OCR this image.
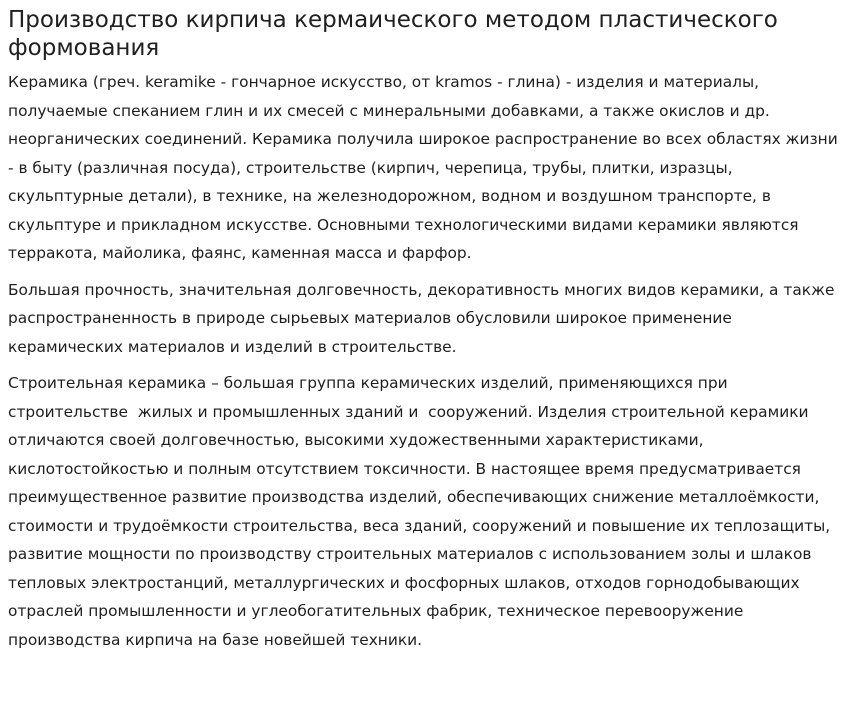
Производство кирпича кермаического методом пластического формования

Керамика (греч. keramike - гончарное искусство, от kramos - глина) - изделия и материалы, получаемые спеканием глин и их смесей с минеральными добавками, а также окислов и др. неорганических соединений. Керамика получила широкое распространение во всех областях жизни - в быту (различная посуда), строительстве (кирпич, черепица, трубы, плитки, изразцы, скульптурные детали), в технике, на железнодорожном, водном и воздушном транспорте, в скульптуре и прикладном искусстве. Основными технологическими видами керамики являются терракота, майолика, фаянс, каменная масса и фарфор.

Большая прочность, значительная долговечность, декоративность многих видов керамики, а также  распространенность в природе сырьевых материалов обусловили широкое применение керамических материалов и изделий в строительстве.

Строительная керамика – большая группа керамических изделий, применяющихся при строительстве  жилых и промышленных зданий и  сооружений. Изделия строительной керамики отличаются своей долговечностью, высокими художественными характеристиками, кислотостойкостью и полным отсутствием токсичности. В настоящее время предусматривается преимущественное развитие производства изделий, обеспечивающих снижение металлоёмкости, стоимости и трудоёмкости строительства, веса зданий, сооружений и повышение их теплозащиты, развитие мощности по производству строительных материалов с использованием золы и шлаков тепловых электростанций, металлургических и фосфорных шлаков, отходов горнодобывающих отраслей промышленности и углеобогатительных фабрик, техническое перевооружение производства кирпича на базе новейшей техники.
